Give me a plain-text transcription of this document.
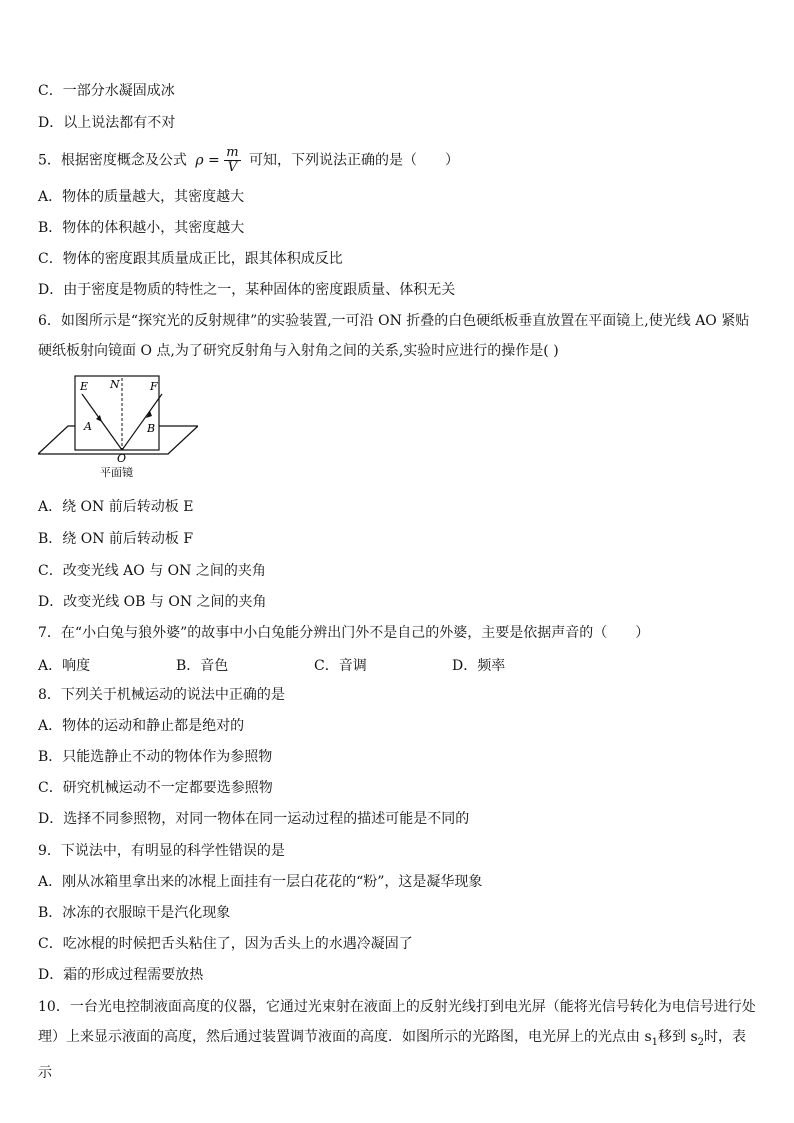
C．一部分水凝固成冰
D．以上说法都有不对
5．根据密度概念及公式 $\rho = \frac{m}{V}$ 可知，下列说法正确的是（　　）
A．物体的质量越大，其密度越大
B．物体的体积越小，其密度越大
C．物体的密度跟其质量成正比，跟其体积成反比
D．由于密度是物质的特性之一，某种固体的密度跟质量、体积无关
6．如图所示是“探究光的反射规律”的实验装置,一可沿 ON 折叠的白色硬纸板垂直放置在平面镜上,使光线 AO 紧贴硬纸板射向镜面 O 点,为了研究反射角与入射角之间的关系,实验时应进行的操作是( )
E N	F
A	B
O
平面镜
A．绕 ON 前后转动板 E
B．绕 ON 前后转动板 F
C．改变光线 AO 与 ON 之间的夹角
D．改变光线 OB 与 ON 之间的夹角
7．在“小白兔与狼外婆”的故事中小白兔能分辨出门外不是自己的外婆，主要是依据声音的（　　）
A．响度	B．音色	C．音调	D．频率
8．下列关于机械运动的说法中正确的是
A．物体的运动和静止都是绝对的
B．只能选静止不动的物体作为参照物
C．研究机械运动不一定都要选参照物
D．选择不同参照物，对同一物体在同一运动过程的描述可能是不同的
9．下说法中，有明显的科学性错误的是
A．刚从冰箱里拿出来的冰棍上面挂有一层白花花的“粉”，这是凝华现象
B．冰冻的衣服晾干是汽化现象
C．吃冰棍的时候把舌头粘住了，因为舌头上的水遇冷凝固了
D．霜的形成过程需要放热
10．一台光电控制液面高度的仪器，它通过光束射在液面上的反射光线打到电光屏（能将光信号转化为电信号进行处理）上来显示液面的高度，然后通过装置调节液面的高度．如图所示的光路图，电光屏上的光点由 $s_1$移到 $s_2$时，表示
